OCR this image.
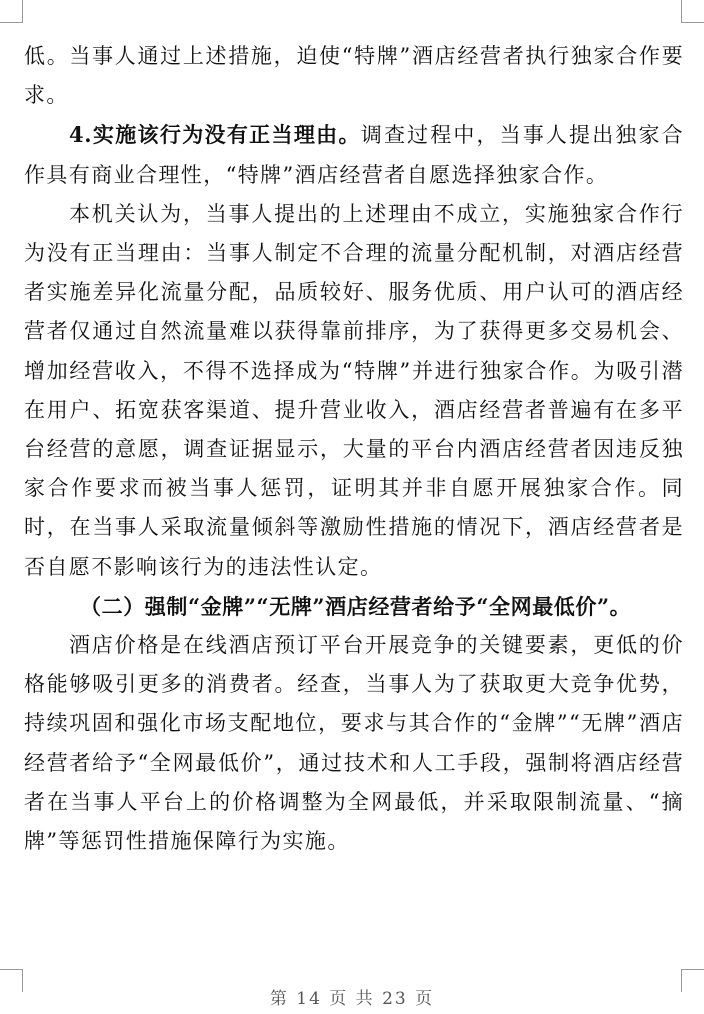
低。当事人通过上述措施，迫使“特牌”酒店经营者执行独家合作要求。

4.实施该行为没有正当理由。调查过程中，当事人提出独家合作具有商业合理性，“特牌”酒店经营者自愿选择独家合作。

本机关认为，当事人提出的上述理由不成立，实施独家合作行为没有正当理由：当事人制定不合理的流量分配机制，对酒店经营者实施差异化流量分配，品质较好、服务优质、用户认可的酒店经营者仅通过自然流量难以获得靠前排序，为了获得更多交易机会、增加经营收入，不得不选择成为“特牌”并进行独家合作。为吸引潜在用户、拓宽获客渠道、提升营业收入，酒店经营者普遍有在多平台经营的意愿，调查证据显示，大量的平台内酒店经营者因违反独家合作要求而被当事人惩罚，证明其并非自愿开展独家合作。同时，在当事人采取流量倾斜等激励性措施的情况下，酒店经营者是否自愿不影响该行为的违法性认定。

（二）强制“金牌”“无牌”酒店经营者给予“全网最低价”。

酒店价格是在线酒店预订平台开展竞争的关键要素，更低的价格能够吸引更多的消费者。经查，当事人为了获取更大竞争优势，持续巩固和强化市场支配地位，要求与其合作的“金牌”“无牌”酒店经营者给予“全网最低价”，通过技术和人工手段，强制将酒店经营者在当事人平台上的价格调整为全网最低，并采取限制流量、“摘牌”等惩罚性措施保障行为实施。

第 14 页 共 23 页
